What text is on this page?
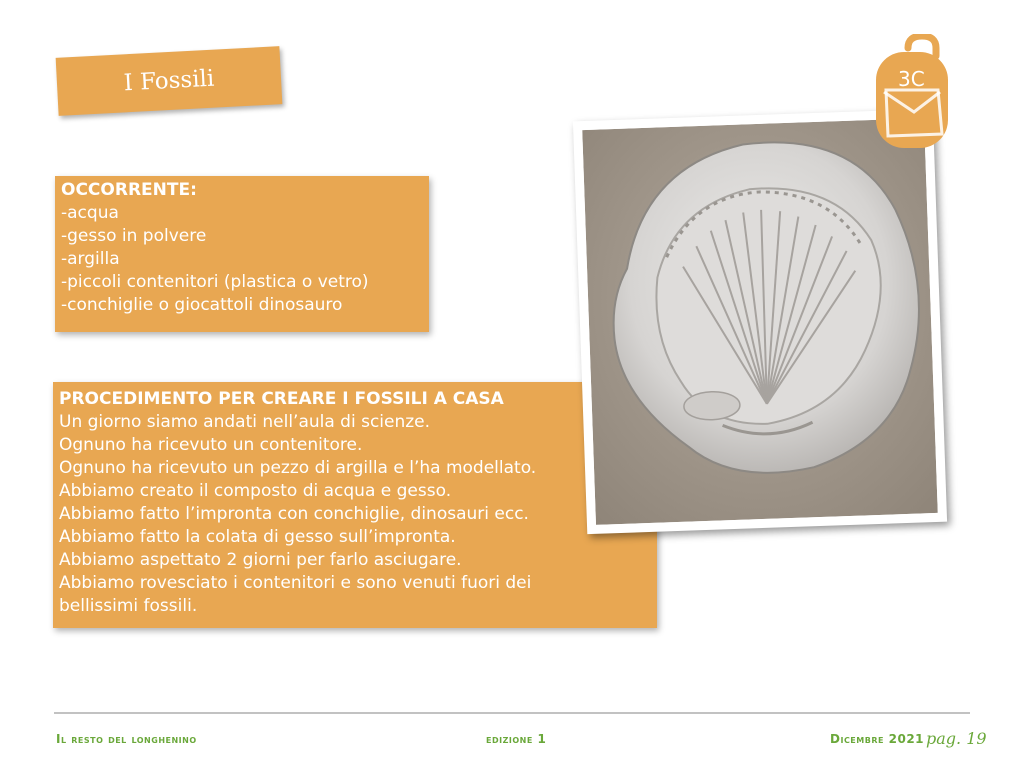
I Fossili	3C
OCCORRENTE:
-acqua
-gesso in polvere
-argilla
-piccoli contenitori (plastica o vetro)
-conchiglie o giocattoli dinosauro
PROCEDIMENTO PER CREARE I FOSSILI A CASA
Un giorno siamo andati nell’aula di scienze.
Ognuno ha ricevuto un contenitore.
Ognuno ha ricevuto un pezzo di argilla e l’ha modellato.
Abbiamo creato il composto di acqua e gesso.
Abbiamo fatto l’impronta con conchiglie, dinosauri ecc.
Abbiamo fatto la colata di gesso sull’impronta.
Abbiamo aspettato 2 giorni per farlo asciugare.
Abbiamo rovesciato i contenitori e sono venuti fuori dei
bellissimi fossili.
Il resto del longhenino	edizione 1	Dicembre 2021 pag. 19
